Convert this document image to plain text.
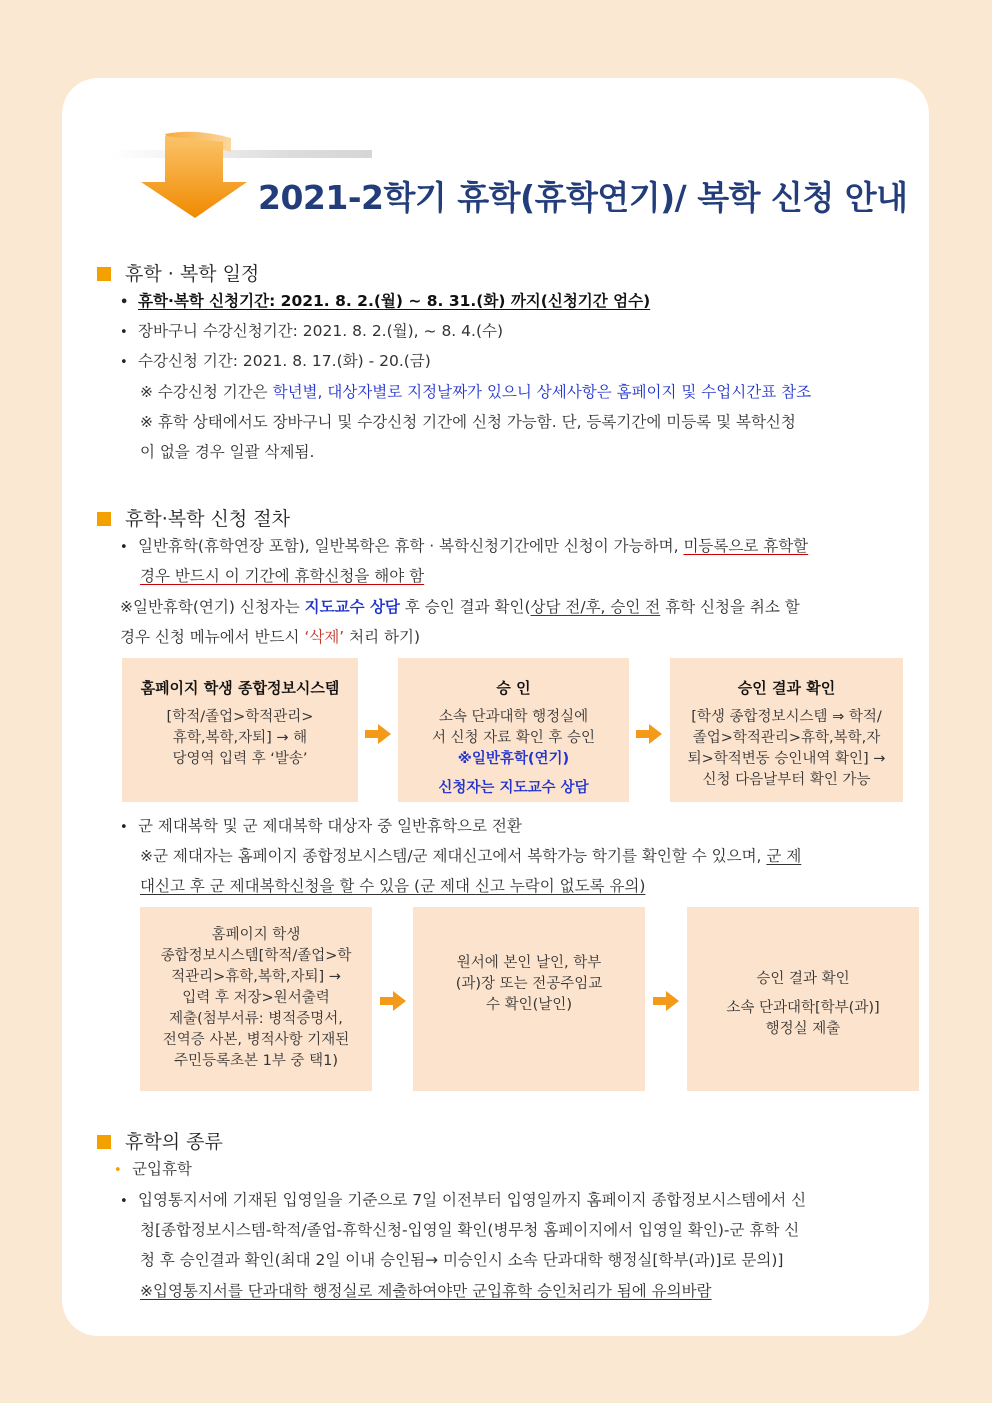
2021-2학기 휴학(휴학연기)/ 복학 신청 안내
휴학 · 복학 일정
• 휴학·복학 신청기간: 2021. 8. 2.(월) ~ 8. 31.(화) 까지(신청기간 엄수)
• 장바구니 수강신청기간: 2021. 8. 2.(월), ~ 8. 4.(수)
• 수강신청 기간: 2021. 8. 17.(화) - 20.(금)
※ 수강신청 기간은 학년별, 대상자별로 지정날짜가 있으니 상세사항은 홈페이지 및 수업시간표 참조
※ 휴학 상태에서도 장바구니 및 수강신청 기간에 신청 가능함. 단, 등록기간에 미등록 및 복학신청
이 없을 경우 일괄 삭제됨.
휴학·복학 신청 절차
• 일반휴학(휴학연장 포함), 일반복학은 휴학 · 복학신청기간에만 신청이 가능하며, 미등록으로 휴학할
경우 반드시 이 기간에 휴학신청을 해야 함
※일반휴학(연기) 신청자는 지도교수 상담 후 승인 결과 확인(상담 전/후, 승인 전 휴학 신청을 취소 할
경우 신청 메뉴에서 반드시 ‘삭제’ 처리 하기)
홈페이지 학생 종합정보시스템
[학적/졸업>학적관리>
휴학,복학,자퇴] → 해
당영역 입력 후 ‘발송’
승 인
소속 단과대학 행정실에
서 신청 자료 확인 후 승인
※일반휴학(연기)
신청자는 지도교수 상담
승인 결과 확인
[학생 종합정보시스템 ⇒ 학적/
졸업>학적관리>휴학,복학,자
퇴>학적변동 승인내역 확인] →
신청 다음날부터 확인 가능
• 군 제대복학 및 군 제대복학 대상자 중 일반휴학으로 전환
※군 제대자는 홈페이지 종합정보시스템/군 제대신고에서 복학가능 학기를 확인할 수 있으며, 군 제
대신고 후 군 제대복학신청을 할 수 있음 (군 제대 신고 누락이 없도록 유의)
홈페이지 학생
종합정보시스템[학적/졸업>학
적관리>휴학,복학,자퇴] →
입력 후 저장>원서출력
제출(첨부서류: 병적증명서,
전역증 사본, 병적사항 기재된
주민등록초본 1부 중 택1)
원서에 본인 날인, 학부
(과)장 또는 전공주임교
수 확인(날인)
승인 결과 확인
소속 단과대학[학부(과)]
행정실 제출
휴학의 종류
• 군입휴학
• 입영통지서에 기재된 입영일을 기준으로 7일 이전부터 입영일까지 홈페이지 종합정보시스템에서 신
청[종합정보시스템-학적/졸업-휴학신청-입영일 확인(병무청 홈페이지에서 입영일 확인)-군 휴학 신
청 후 승인결과 확인(최대 2일 이내 승인됨→ 미승인시 소속 단과대학 행정실[학부(과)]로 문의)]
※입영통지서를 단과대학 행정실로 제출하여야만 군입휴학 승인처리가 됨에 유의바람
